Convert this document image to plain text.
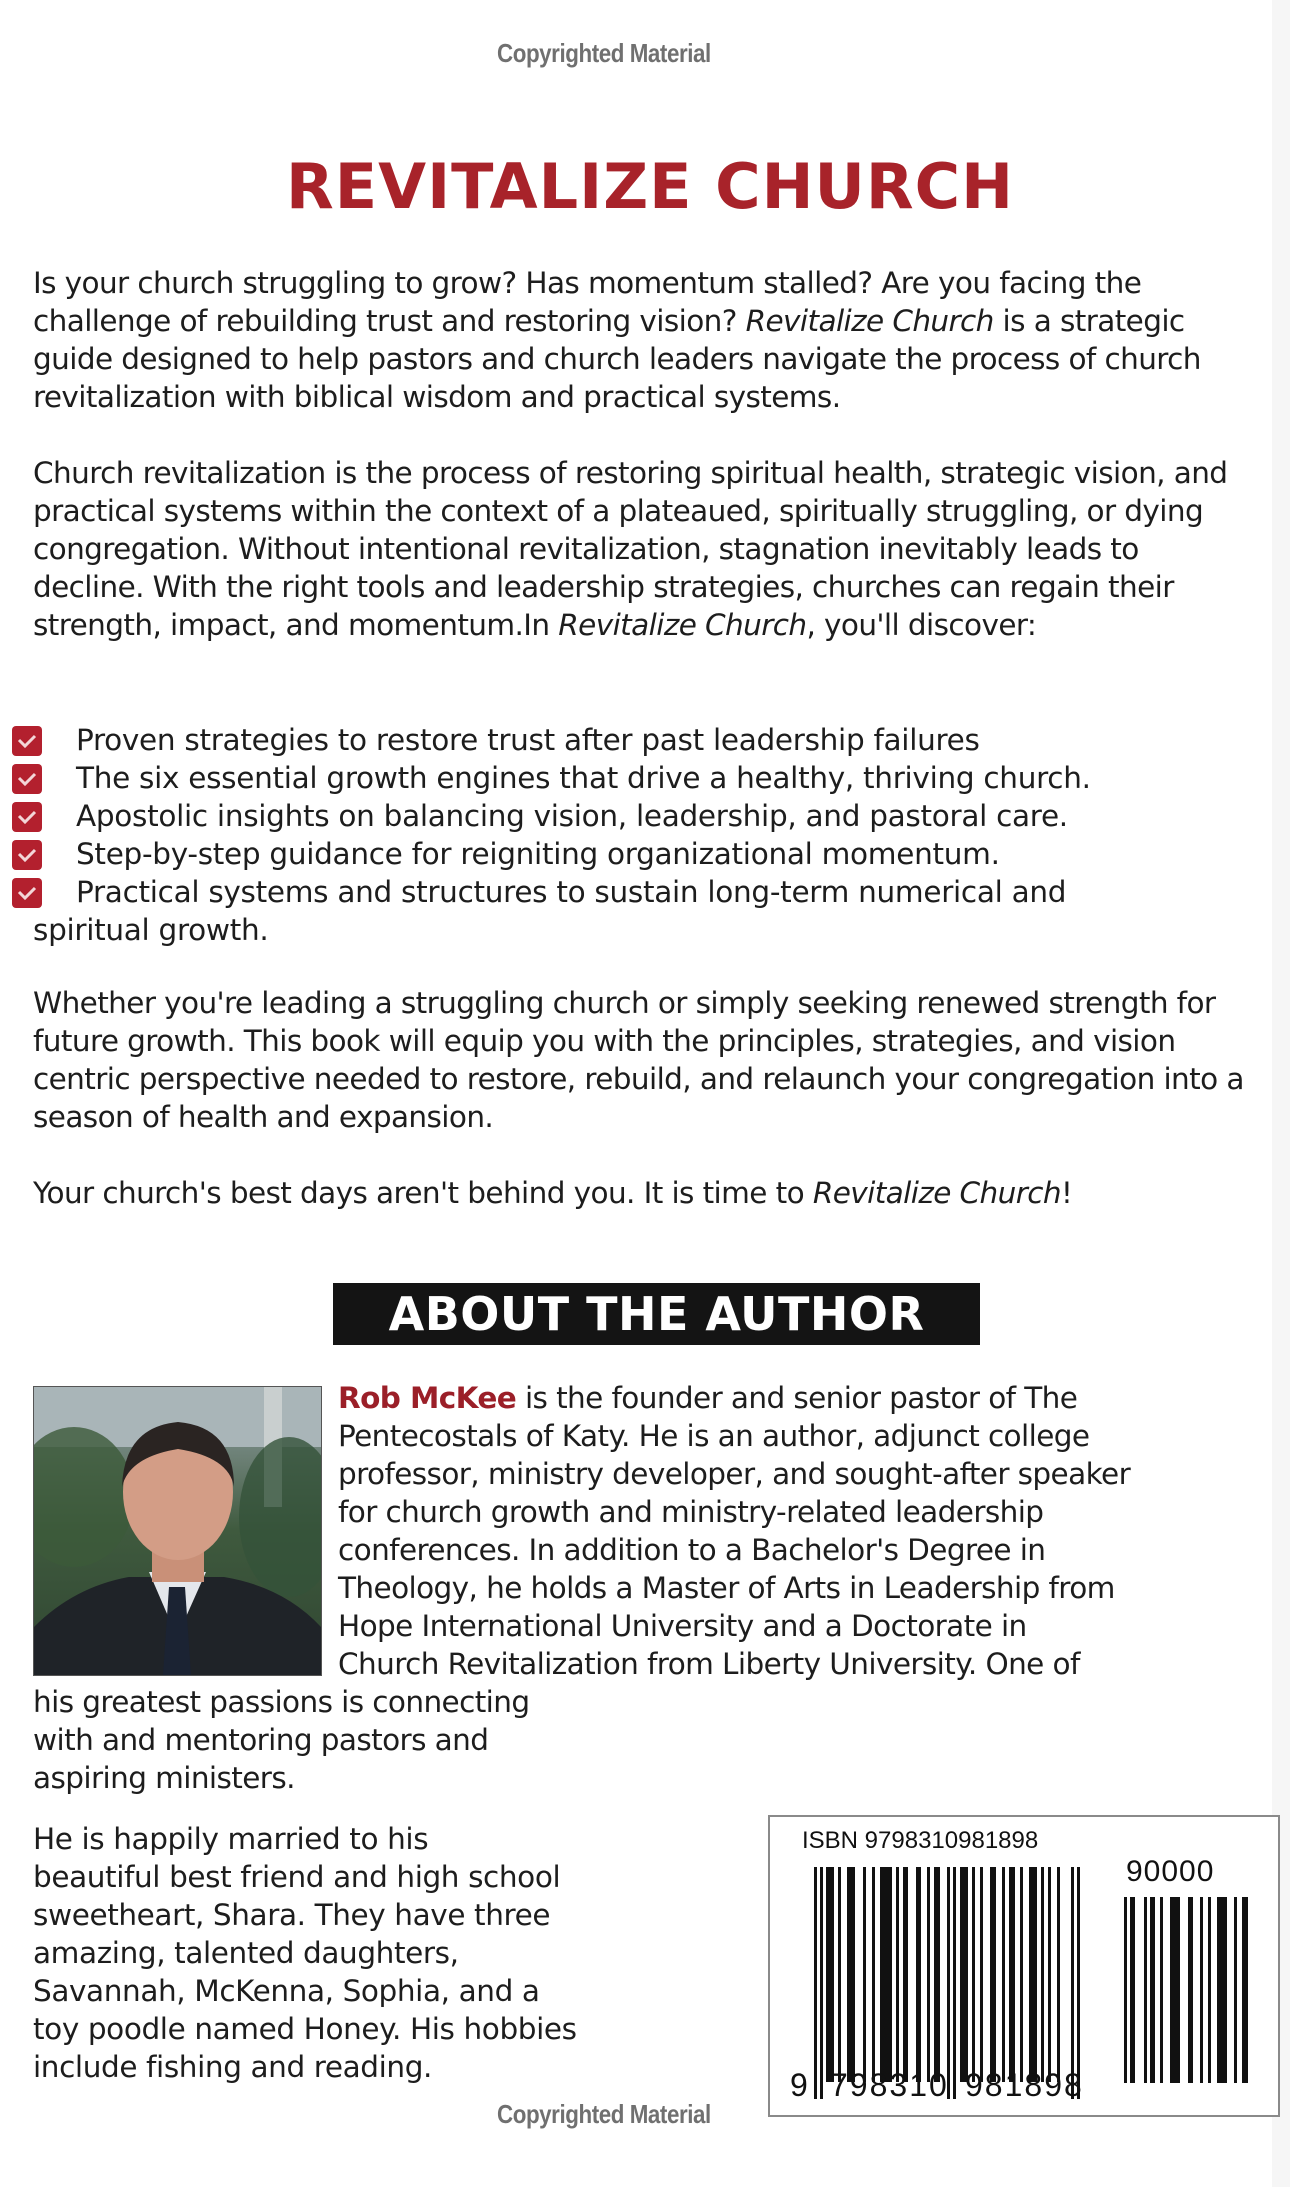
Copyrighted Material
REVITALIZE CHURCH
Is your church struggling to grow? Has momentum stalled? Are you facing the challenge of rebuilding trust and restoring vision? Revitalize Church is a strategic guide designed to help pastors and church leaders navigate the process of church revitalization with biblical wisdom and practical systems.
Church revitalization is the process of restoring spiritual health, strategic vision, and practical systems within the context of a plateaued, spiritually struggling, or dying congregation. Without intentional revitalization, stagnation inevitably leads to decline. With the right tools and leadership strategies, churches can regain their strength, impact, and momentum.In Revitalize Church, you'll discover:
Proven strategies to restore trust after past leadership failures
The six essential growth engines that drive a healthy, thriving church.
Apostolic insights on balancing vision, leadership, and pastoral care.
Step-by-step guidance for reigniting organizational momentum.
Practical systems and structures to sustain long-term numerical and
spiritual growth.
Whether you're leading a struggling church or simply seeking renewed strength for future growth. This book will equip you with the principles, strategies, and vision centric perspective needed to restore, rebuild, and relaunch your congregation into a season of health and expansion.
Your church's best days aren't behind you. It is time to Revitalize Church!
ABOUT THE AUTHOR
Rob McKee is the founder and senior pastor of The
Pentecostals of Katy. He is an author, adjunct college
professor, ministry developer, and sought-after speaker
for church growth and ministry-related leadership
conferences. In addition to a Bachelor's Degree in
Theology, he holds a Master of Arts in Leadership from
Hope International University and a Doctorate in
Church Revitalization from Liberty University. One of
his greatest passions is connecting
with and mentoring pastors and
aspiring ministers.
He is happily married to his
beautiful best friend and high school
sweetheart, Shara. They have three
amazing, talented daughters,
Savannah, McKenna, Sophia, and a
toy poodle named Honey. His hobbies
include fishing and reading.
ISBN 9798310981898
90000
9 798310 981898
Copyrighted Material
